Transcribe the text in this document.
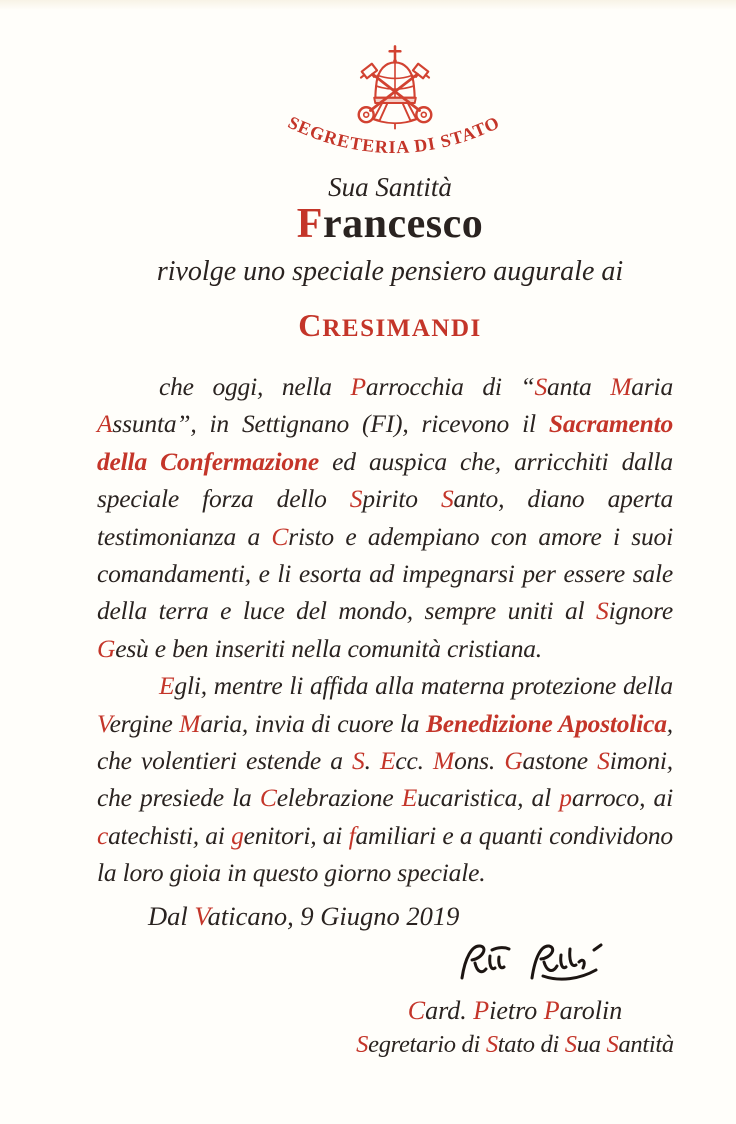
SEGRETERIA DI STATO
Sua Santità
Francesco
rivolge uno speciale pensiero augurale ai
CRESIMANDI

che oggi, nella Parrocchia di “Santa Maria Assunta”, in Settignano (FI), ricevono il Sacramento della Confermazione ed auspica che, arricchiti dalla speciale forza dello Spirito Santo, diano aperta testimonianza a Cristo e adempiano con amore i suoi comandamenti, e li esorta ad impegnarsi per essere sale della terra e luce del mondo, sempre uniti al Signore Gesù e ben inseriti nella comunità cristiana.

Egli, mentre li affida alla materna protezione della Vergine Maria, invia di cuore la Benedizione Apostolica, che volentieri estende a S. Ecc. Mons. Gastone Simoni, che presiede la Celebrazione Eucaristica, al parroco, ai catechisti, ai genitori, ai familiari e a quanti condividono la loro gioia in questo giorno speciale.

Dal Vaticano, 9 Giugno 2019

Card. Pietro Parolin

Segretario di Stato di Sua Santità
